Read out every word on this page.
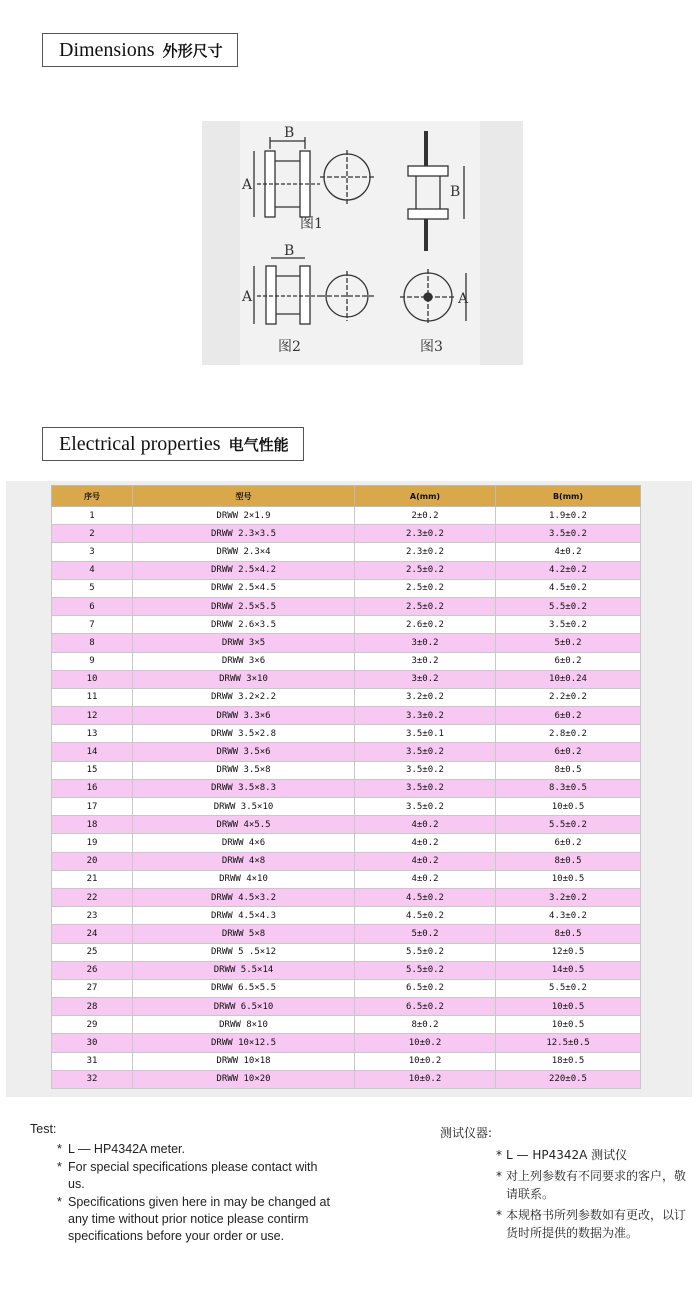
Dimensions 外形尺寸
B
A
B
A
B
A
图1
图2	图3
Electrical properties 电气性能
序号	型号	A(mm)	B(mm)
1	DRWW 2×1.9	2±0.2	1.9±0.2
2	DRWW 2.3×3.5	2.3±0.2	3.5±0.2
3	DRWW 2.3×4	2.3±0.2	4±0.2
4	DRWW 2.5×4.2	2.5±0.2	4.2±0.2
5	DRWW 2.5×4.5	2.5±0.2	4.5±0.2
6	DRWW 2.5×5.5	2.5±0.2	5.5±0.2
7	DRWW 2.6×3.5	2.6±0.2	3.5±0.2
8	DRWW 3×5	3±0.2	5±0.2
9	DRWW 3×6	3±0.2	6±0.2
10	DRWW 3×10	3±0.2	10±0.24
11	DRWW 3.2×2.2	3.2±0.2	2.2±0.2
12	DRWW 3.3×6	3.3±0.2	6±0.2
13	DRWW 3.5×2.8	3.5±0.1	2.8±0.2
14	DRWW 3.5×6	3.5±0.2	6±0.2
15	DRWW 3.5×8	3.5±0.2	8±0.5
16	DRWW 3.5×8.3	3.5±0.2	8.3±0.5
17	DRWW 3.5×10	3.5±0.2	10±0.5
18	DRWW 4×5.5	4±0.2	5.5±0.2
19	DRWW 4×6	4±0.2	6±0.2
20	DRWW 4×8	4±0.2	8±0.5
21	DRWW 4×10	4±0.2	10±0.5
22	DRWW 4.5×3.2	4.5±0.2	3.2±0.2
23	DRWW 4.5×4.3	4.5±0.2	4.3±0.2
24	DRWW 5×8	5±0.2	8±0.5
25	DRWW 5 .5×12	5.5±0.2	12±0.5
26	DRWW 5.5×14	5.5±0.2	14±0.5
27	DRWW 6.5×5.5	6.5±0.2	5.5±0.2
28	DRWW 6.5×10	6.5±0.2	10±0.5
29	DRWW 8×10	8±0.2	10±0.5
30	DRWW 10×12.5	10±0.2	12.5±0.5
31	DRWW 10×18	10±0.2	18±0.5
32	DRWW 10×20	10±0.2	220±0.5
Test:
* L — HP4342A meter.
* For special specifications please contact with us.
* Specifications given here in may be changed at any time without prior notice please contirm specifications before your order or use.
测试仪器:
* L — HP4342A 测试仪
* 对上列参数有不同要求的客户，敬请联系。
* 本规格书所列参数如有更改，以订货时所提供的数据为准。
